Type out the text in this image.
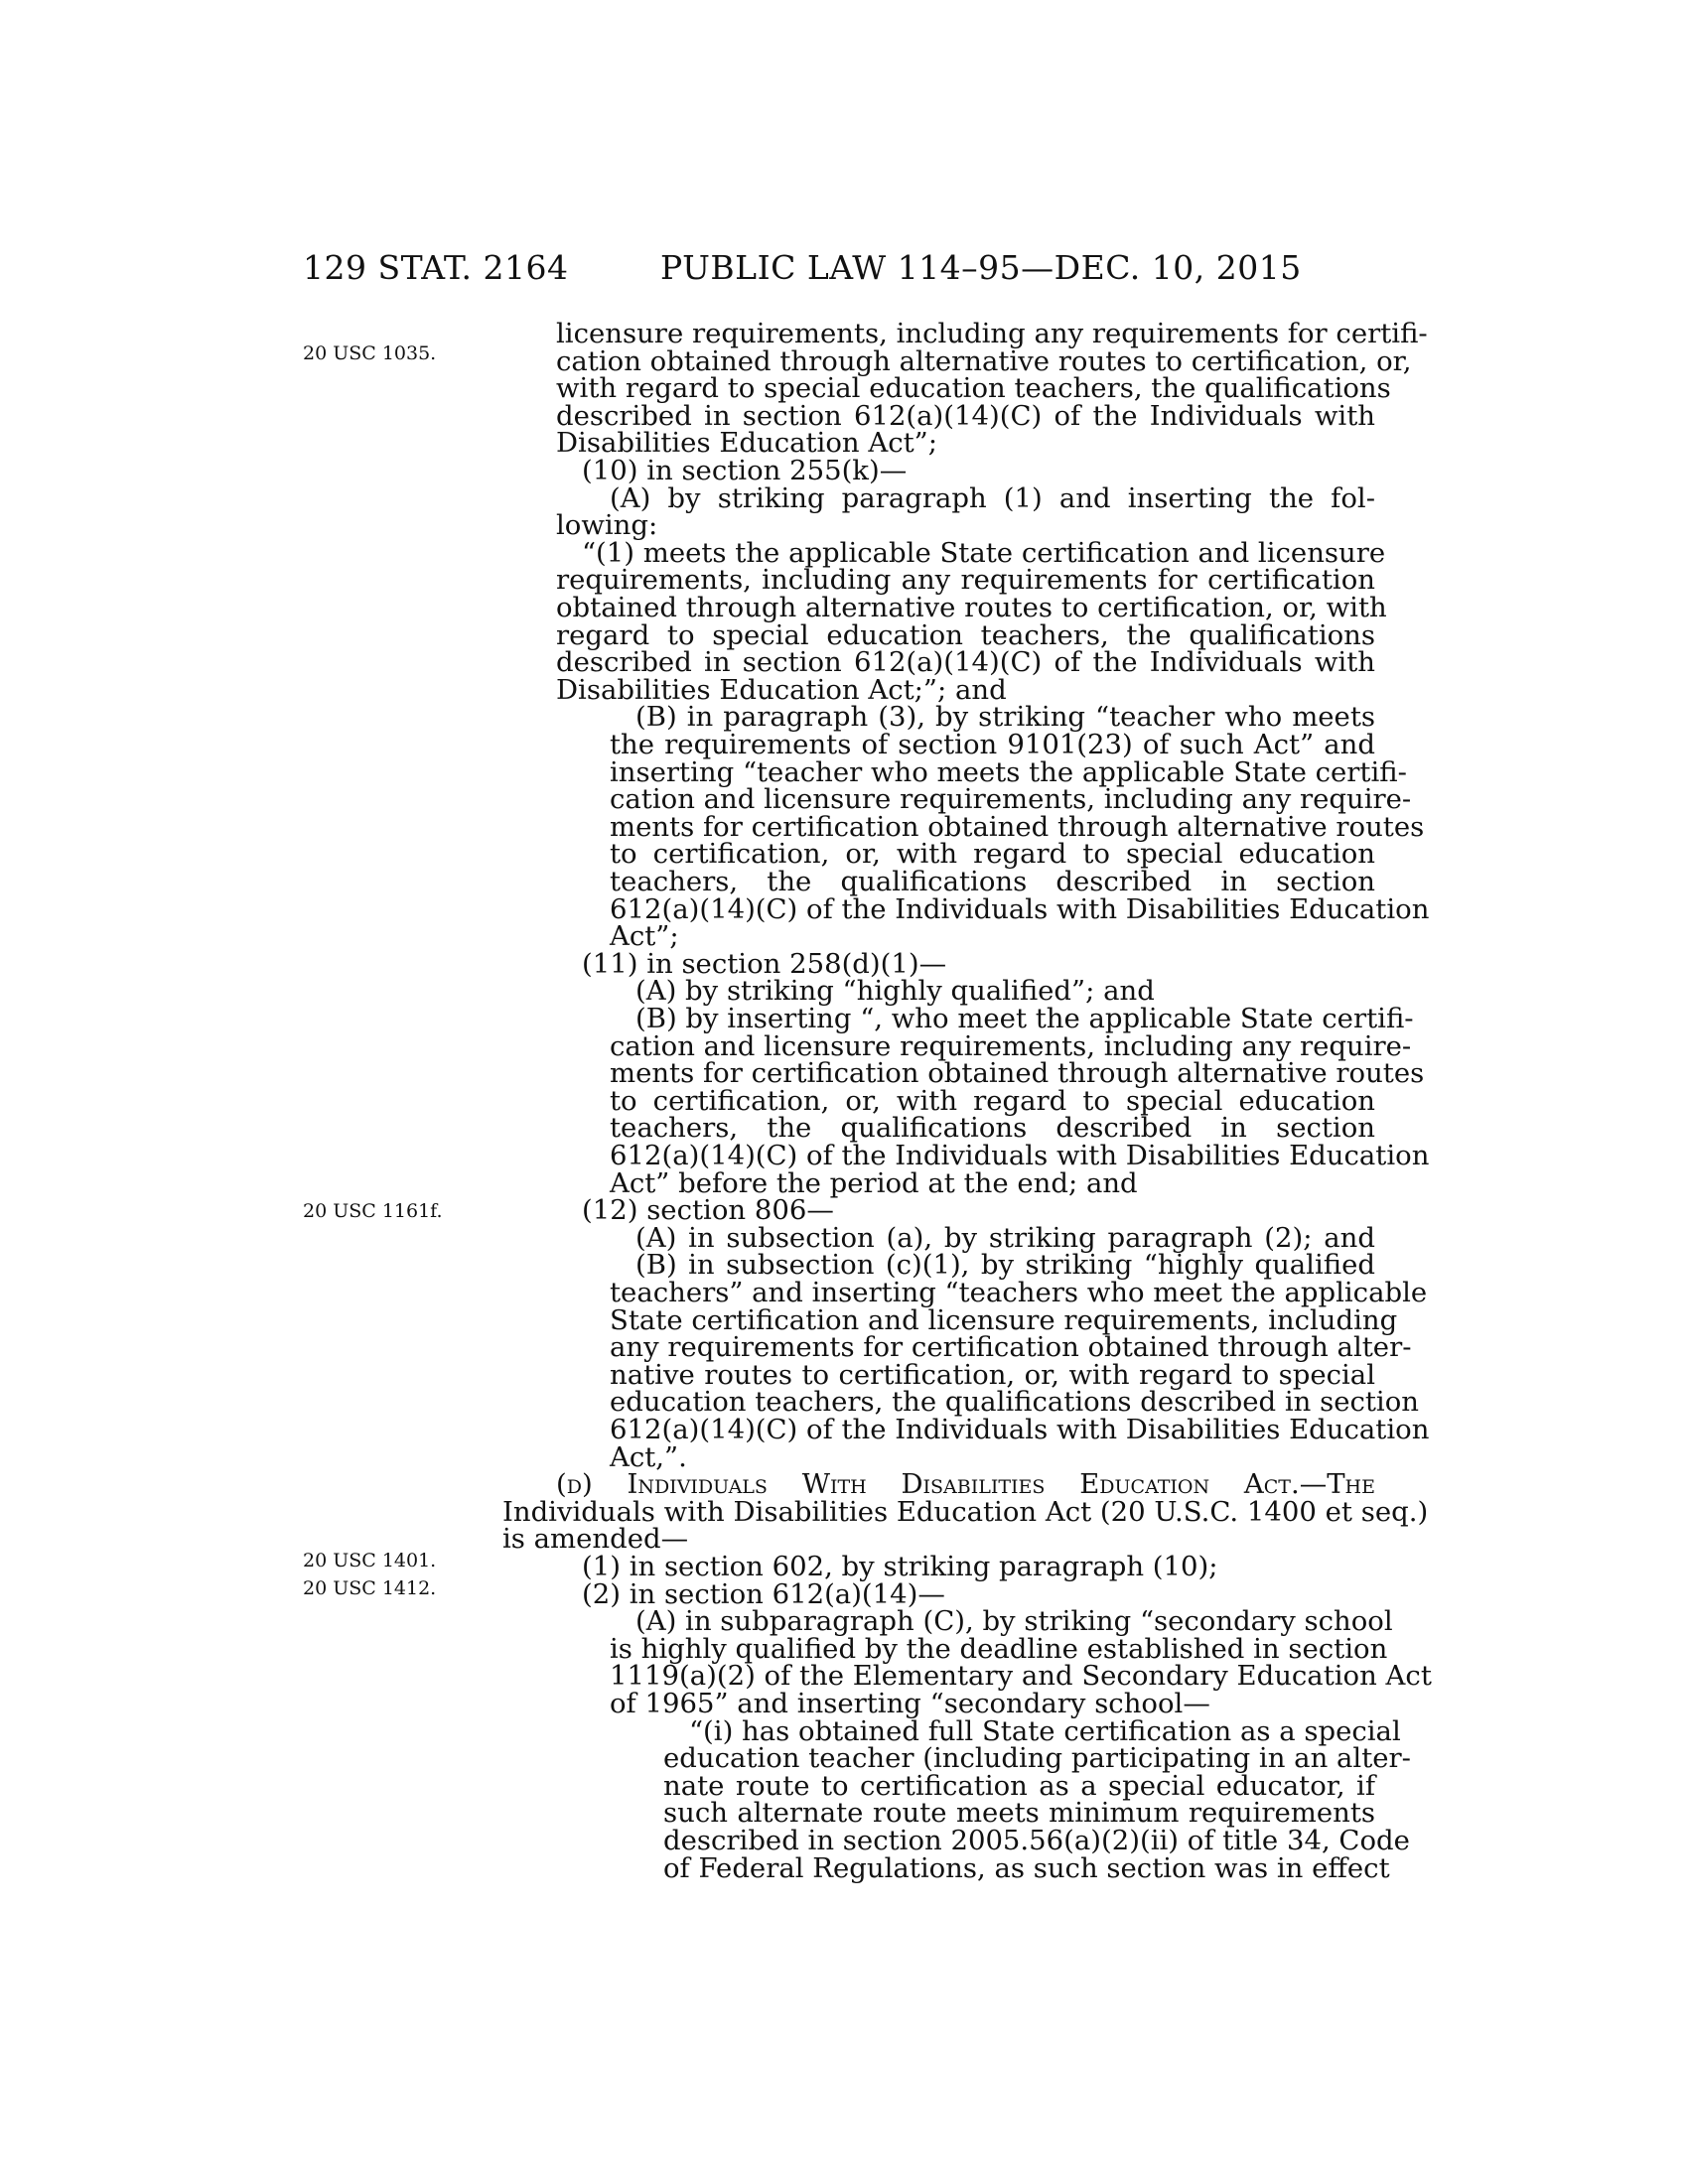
129 STAT. 2164	PUBLIC LAW 114–95—DEC. 10, 2015
20 USC 1035.
20 USC 1161f.
20 USC 1401.
20 USC 1412.
licensure requirements, including any requirements for certifi-
cation obtained through alternative routes to certification, or,
with regard to special education teachers, the qualifications
described in section 612(a)(14)(C) of the Individuals with
Disabilities Education Act”;
(10) in section 255(k)—
(A) by striking paragraph (1) and inserting the fol-
lowing:
“(1) meets the applicable State certification and licensure
requirements, including any requirements for certification
obtained through alternative routes to certification, or, with
regard to special education teachers, the qualifications
described in section 612(a)(14)(C) of the Individuals with
Disabilities Education Act;”; and
(B) in paragraph (3), by striking “teacher who meets
the requirements of section 9101(23) of such Act” and
inserting “teacher who meets the applicable State certifi-
cation and licensure requirements, including any require-
ments for certification obtained through alternative routes
to certification, or, with regard to special education
teachers, the qualifications described in section
612(a)(14)(C) of the Individuals with Disabilities Education
Act”;
(11) in section 258(d)(1)—
(A) by striking “highly qualified”; and
(B) by inserting “, who meet the applicable State certifi-
cation and licensure requirements, including any require-
ments for certification obtained through alternative routes
to certification, or, with regard to special education
teachers, the qualifications described in section
612(a)(14)(C) of the Individuals with Disabilities Education
Act” before the period at the end; and
(12) section 806—
(A) in subsection (a), by striking paragraph (2); and
(B) in subsection (c)(1), by striking “highly qualified
teachers” and inserting “teachers who meet the applicable
State certification and licensure requirements, including
any requirements for certification obtained through alter-
native routes to certification, or, with regard to special
education teachers, the qualifications described in section
612(a)(14)(C) of the Individuals with Disabilities Education
Act,”.
(d) Individuals With Disabilities Education Act.—The
Individuals with Disabilities Education Act (20 U.S.C. 1400 et seq.)
is amended—
(1) in section 602, by striking paragraph (10);
(2) in section 612(a)(14)—
(A) in subparagraph (C), by striking “secondary school
is highly qualified by the deadline established in section
1119(a)(2) of the Elementary and Secondary Education Act
of 1965” and inserting “secondary school—
“(i) has obtained full State certification as a special
education teacher (including participating in an alter-
nate route to certification as a special educator, if
such alternate route meets minimum requirements
described in section 2005.56(a)(2)(ii) of title 34, Code
of Federal Regulations, as such section was in effect
